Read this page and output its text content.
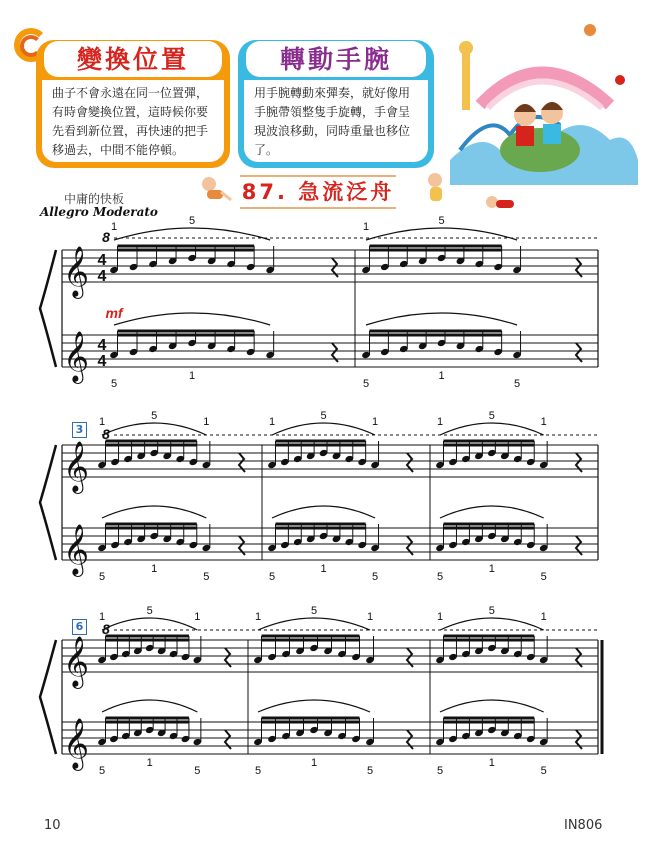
變換位置
曲子不會永遠在同一位置彈，有時會變換位置，這時候你要先看到新位置，再快速的把手移過去，中間不能停頓。
轉動手腕
用手腕轉動來彈奏，就好像用手腕帶領整隻手旋轉，手會呈現波浪移動，同時重量也移位了。
87. 急流泛舟
中庸的快板
Allegro Moderato
3
6
𝄞
𝄞
8
4
4
4
4
mf
1	5
5
1
1	5
5
1
5
𝄞
𝄞
8
1	5	1
5
1
5
1	5	1
5
1
5
1	5	1
5
1
5
𝄞
𝄞
8
1	5	1
5
1
5
1	5	1
5
1
5
1	5	1
5
1
5
10	IN806
